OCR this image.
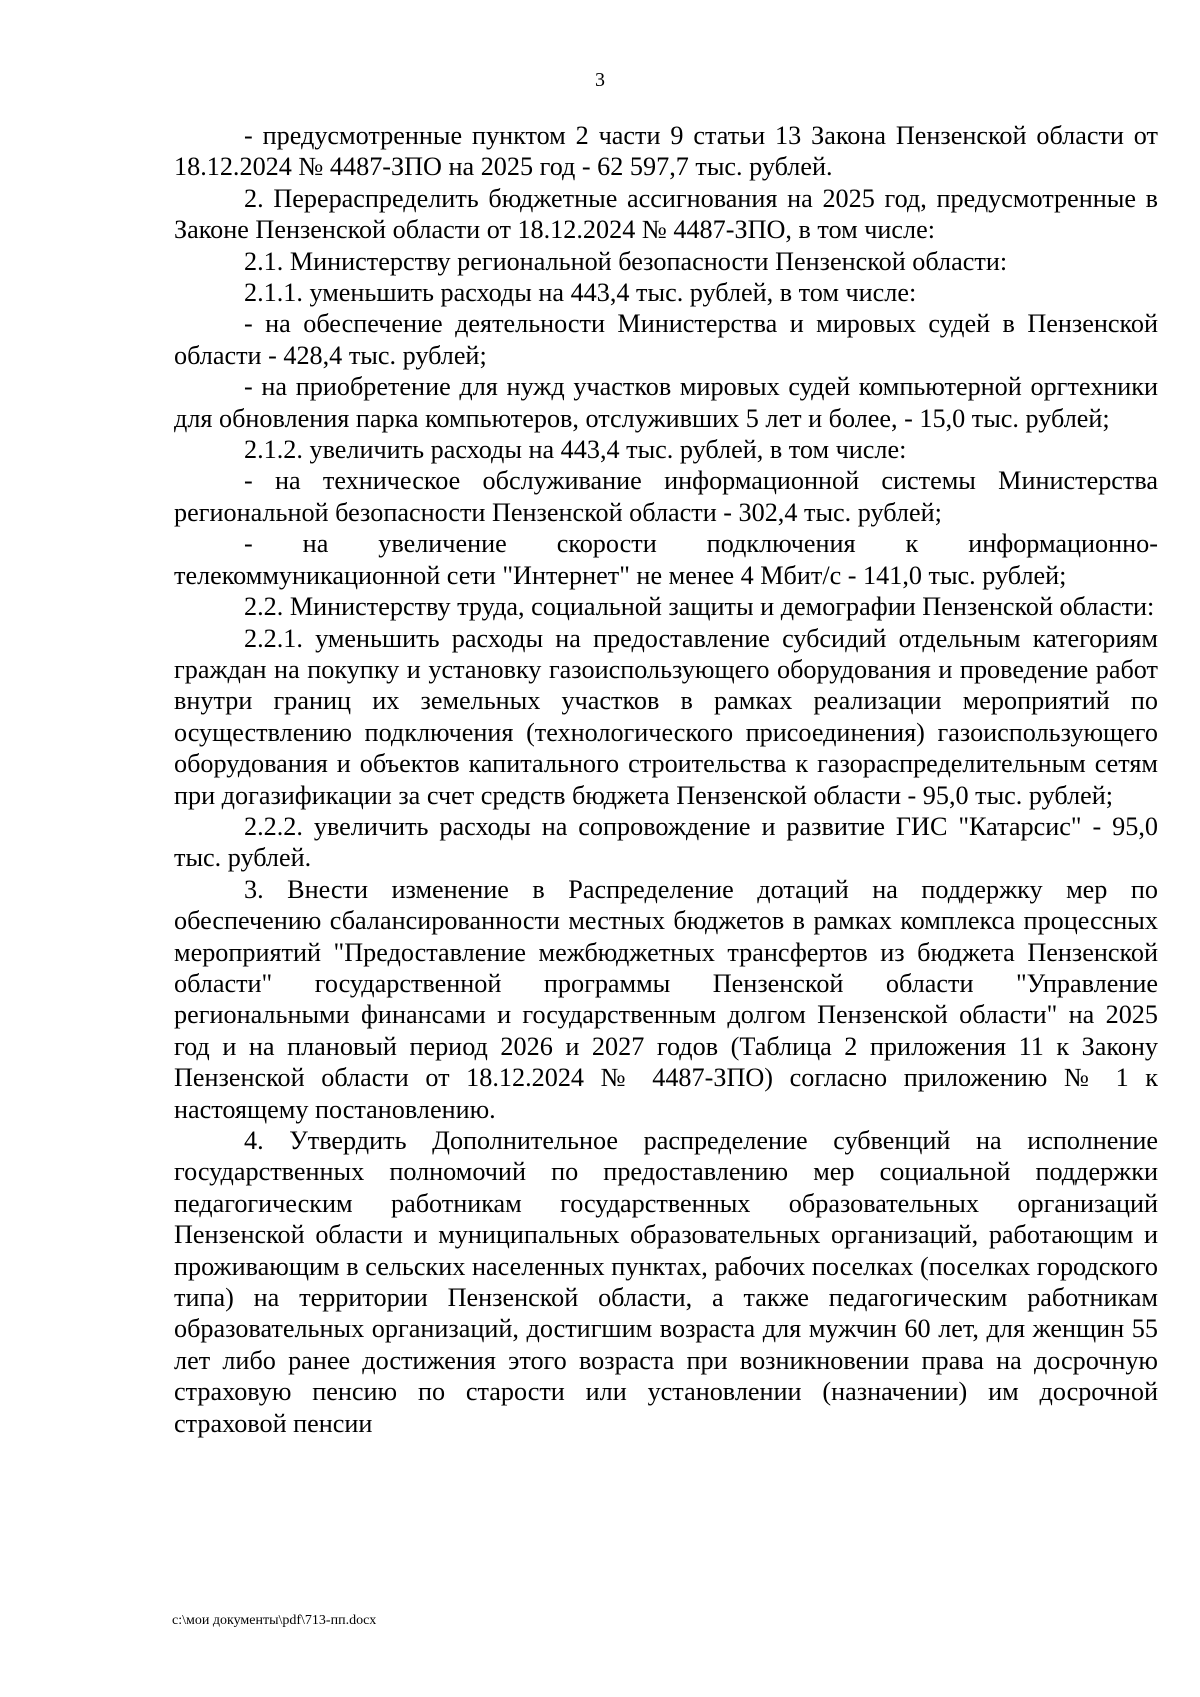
3

- предусмотренные пунктом 2 части 9 статьи 13 Закона Пензенской области от 18.12.2024 № 4487-ЗПО на 2025 год - 62 597,7 тыс. рублей.

2. Перераспределить бюджетные ассигнования на 2025 год, предусмотренные в Законе Пензенской области от 18.12.2024 № 4487-ЗПО, в том числе:

2.1. Министерству региональной безопасности Пензенской области:

2.1.1. уменьшить расходы на 443,4 тыс. рублей, в том числе:

- на обеспечение деятельности Министерства и мировых судей в Пензенской области - 428,4 тыс. рублей;

- на приобретение для нужд участков мировых судей компьютерной оргтехники для обновления парка компьютеров, отслуживших 5 лет и более, - 15,0 тыс. рублей;

2.1.2. увеличить расходы на 443,4 тыс. рублей, в том числе:

- на техническое обслуживание информационной системы Министерства региональной безопасности Пензенской области - 302,4 тыс. рублей;

- на увеличение скорости подключения к информационно-телекоммуникационной сети "Интернет" не менее 4 Мбит/с - 141,0 тыс. рублей;

2.2. Министерству труда, социальной защиты и демографии Пензенской области:

2.2.1. уменьшить расходы на предоставление субсидий отдельным категориям граждан на покупку и установку газоиспользующего оборудования и проведение работ внутри границ их земельных участков в рамках реализации мероприятий по осуществлению подключения (технологического присоединения) газоиспользующего оборудования и объектов капитального строительства к газораспределительным сетям при догазификации за счет средств бюджета Пензенской области - 95,0 тыс. рублей;

2.2.2. увеличить расходы на сопровождение и развитие ГИС "Катарсис" - 95,0 тыс. рублей.

3. Внести изменение в Распределение дотаций на поддержку мер по обеспечению сбалансированности местных бюджетов в рамках комплекса процессных мероприятий "Предоставление межбюджетных трансфертов из бюджета Пензенской области" государственной программы Пензенской области "Управление региональными финансами и государственным долгом Пензенской области" на 2025 год и на плановый период 2026 и 2027 годов (Таблица 2 приложения 11 к Закону Пензенской области от 18.12.2024 № 4487-ЗПО) согласно приложению № 1 к настоящему постановлению.

4. Утвердить Дополнительное распределение субвенций на исполнение государственных полномочий по предоставлению мер социальной поддержки педагогическим работникам государственных образовательных организаций Пензенской области и муниципальных образовательных организаций, работающим и проживающим в сельских населенных пунктах, рабочих поселках (поселках городского типа) на территории Пензенской области, а также педагогическим работникам образовательных организаций, достигшим возраста для мужчин 60 лет, для женщин 55 лет либо ранее достижения этого возраста при возникновении права на досрочную страховую пенсию по старости или установлении (назначении) им досрочной страховой пенсии

c:\мои документы\pdf\713-пп.docx
